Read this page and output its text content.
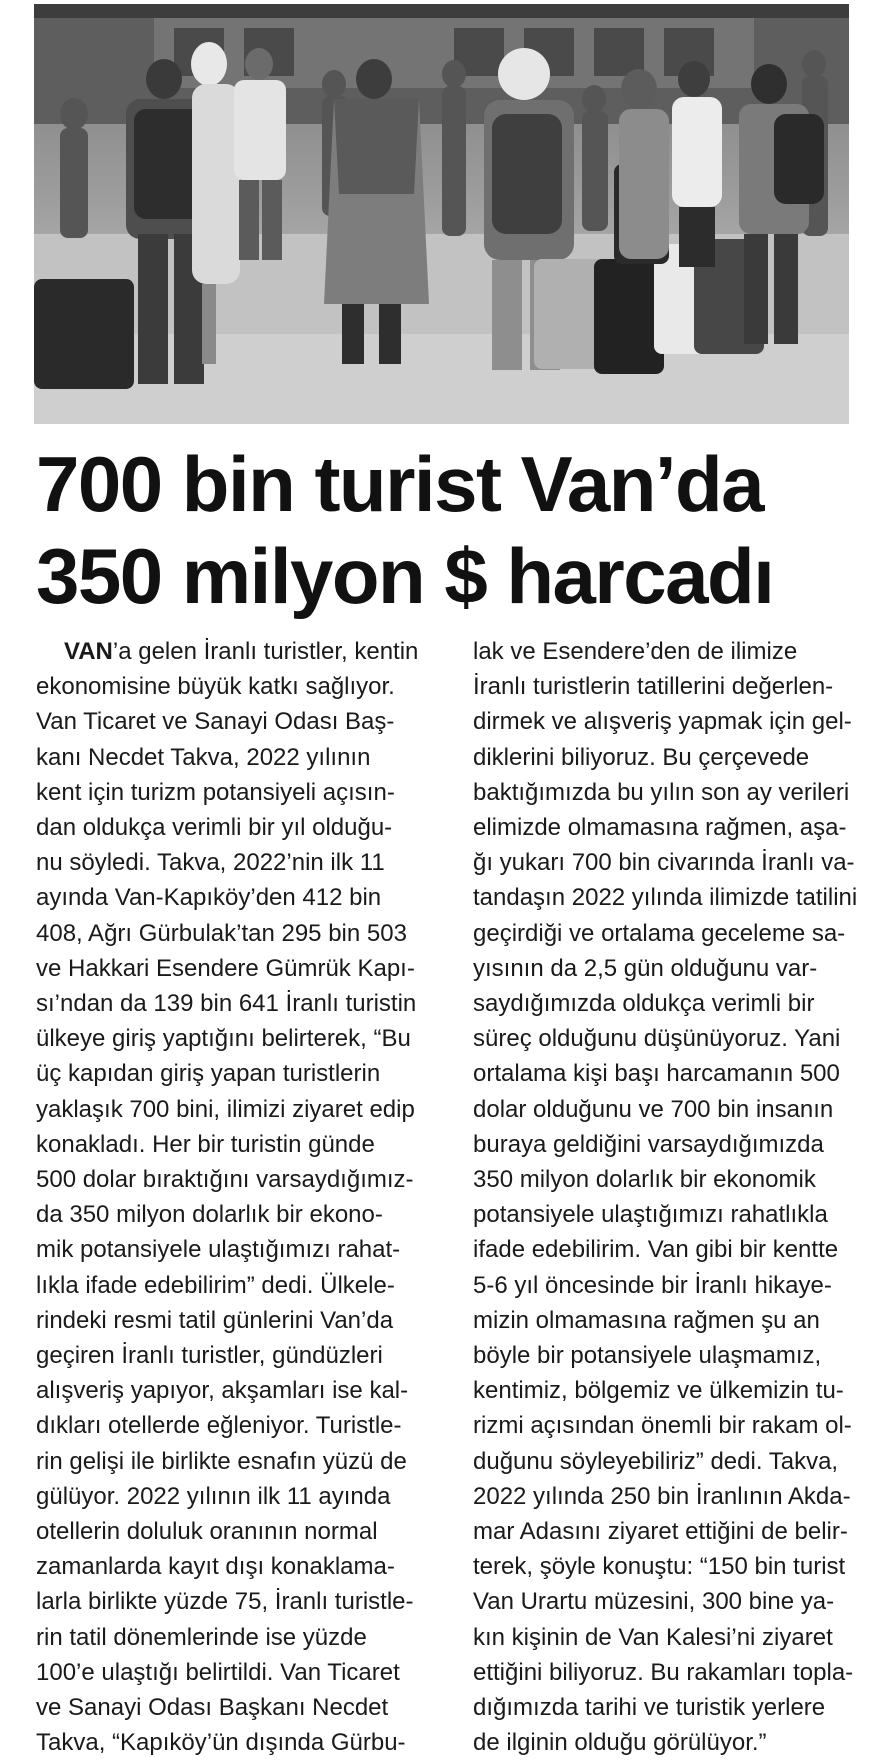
700 bin turist Van’da
350 milyon $ harcadı
VAN’a gelen İranlı turistler, kentin
ekonomisine büyük katkı sağlıyor.
Van Ticaret ve Sanayi Odası Baş-
kanı Necdet Takva, 2022 yılının
kent için turizm potansiyeli açısın-
dan oldukça verimli bir yıl olduğu-
nu söyledi. Takva, 2022’nin ilk 11
ayında Van-Kapıköy’den 412 bin
408, Ağrı Gürbulak’tan 295 bin 503
ve Hakkari Esendere Gümrük Kapı-
sı’ndan da 139 bin 641 İranlı turistin
ülkeye giriş yaptığını belirterek, “Bu
üç kapıdan giriş yapan turistlerin
yaklaşık 700 bini, ilimizi ziyaret edip
konakladı. Her bir turistin günde
500 dolar bıraktığını varsaydığımız-
da 350 milyon dolarlık bir ekono-
mik potansiyele ulaştığımızı rahat-
lıkla ifade edebilirim” dedi. Ülkele-
rindeki resmi tatil günlerini Van’da
geçiren İranlı turistler, gündüzleri
alışveriş yapıyor, akşamları ise kal-
dıkları otellerde eğleniyor. Turistle-
rin gelişi ile birlikte esnafın yüzü de
gülüyor. 2022 yılının ilk 11 ayında
otellerin doluluk oranının normal
zamanlarda kayıt dışı konaklama-
larla birlikte yüzde 75, İranlı turistle-
rin tatil dönemlerinde ise yüzde
100’e ulaştığı belirtildi. Van Ticaret
ve Sanayi Odası Başkanı Necdet
Takva, “Kapıköy’ün dışında Gürbu-
lak ve Esendere’den de ilimize
İranlı turistlerin tatillerini değerlen-
dirmek ve alışveriş yapmak için gel-
diklerini biliyoruz. Bu çerçevede
baktığımızda bu yılın son ay verileri
elimizde olmamasına rağmen, aşa-
ğı yukarı 700 bin civarında İranlı va-
tandaşın 2022 yılında ilimizde tatilini
geçirdiği ve ortalama geceleme sa-
yısının da 2,5 gün olduğunu var-
saydığımızda oldukça verimli bir
süreç olduğunu düşünüyoruz. Yani
ortalama kişi başı harcamanın 500
dolar olduğunu ve 700 bin insanın
buraya geldiğini varsaydığımızda
350 milyon dolarlık bir ekonomik
potansiyele ulaştığımızı rahatlıkla
ifade edebilirim. Van gibi bir kentte
5-6 yıl öncesinde bir İranlı hikaye-
mizin olmamasına rağmen şu an
böyle bir potansiyele ulaşmamız,
kentimiz, bölgemiz ve ülkemizin tu-
rizmi açısından önemli bir rakam ol-
duğunu söyleyebiliriz” dedi. Takva,
2022 yılında 250 bin İranlının Akda-
mar Adasını ziyaret ettiğini de belir-
terek, şöyle konuştu: “150 bin turist
Van Urartu müzesini, 300 bine ya-
kın kişinin de Van Kalesi’ni ziyaret
ettiğini biliyoruz. Bu rakamları topla-
dığımızda tarihi ve turistik yerlere
de ilginin olduğu görülüyor.”
